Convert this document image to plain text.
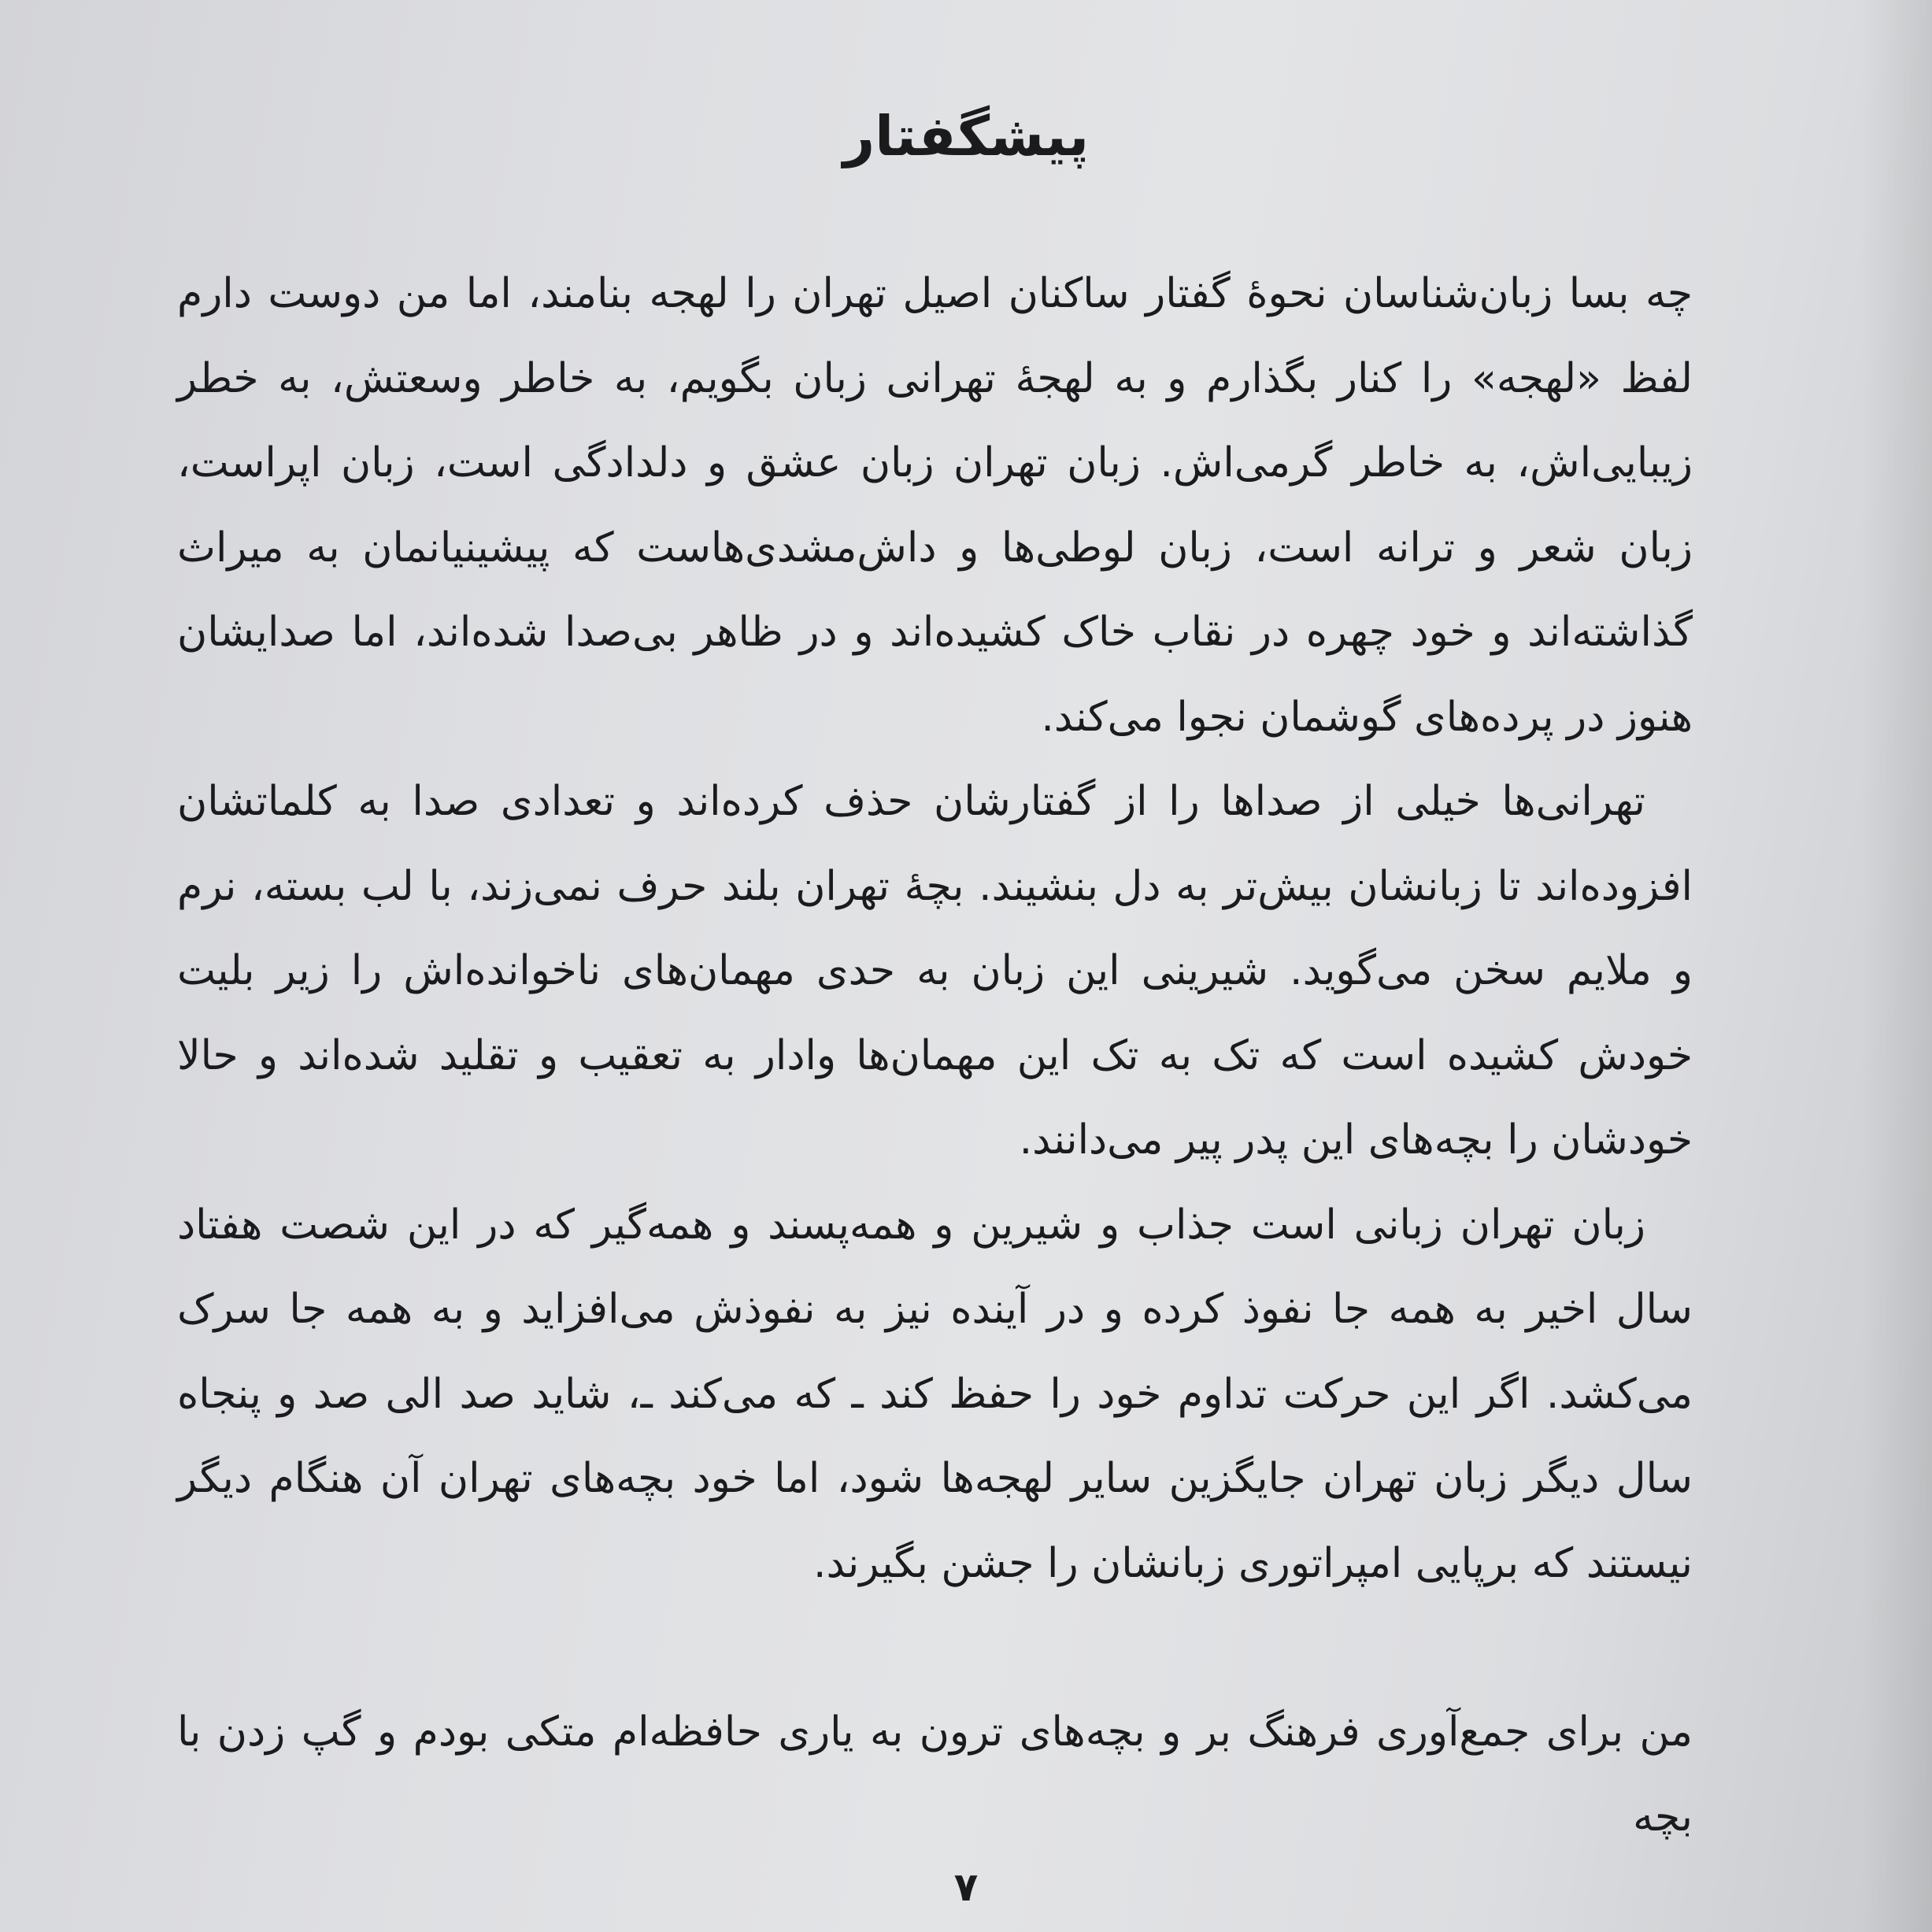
پیشگفتار

چه بسا زبان‌شناسان نحوهٔ گفتار ساکنان اصیل تهران را لهجه بنامند، اما من دوست دارم لفظ «لهجه» را کنار بگذارم و به لهجهٔ تهرانی زبان بگویم، به خاطر وسعتش، به خطر زیبایی‌اش، به خاطر گرمی‌اش. زبان تهران زبان عشق و دلدادگی است، زبان اپراست، زبان شعر و ترانه است، زبان لوطی‌ها و داش‌مشدی‌هاست که پیشینیانمان به میراث گذاشته‌اند و خود چهره در نقاب خاک کشیده‌اند و در ظاهر بی‌صدا شده‌اند، اما صدایشان هنوز در پرده‌های گوشمان نجوا می‌کند.

تهرانی‌ها خیلی از صداها را از گفتارشان حذف کرده‌اند و تعدادی صدا به کلماتشان افزوده‌اند تا زبانشان بیش‌تر به دل بنشیند. بچهٔ تهران بلند حرف نمی‌زند، با لب بسته، نرم و ملایم سخن می‌گوید. شیرینی این زبان به حدی مهمان‌های ناخوانده‌اش را زیر بلیت خودش کشیده است که تک به تک این مهمان‌ها وادار به تعقیب و تقلید شده‌اند و حالا خودشان را بچه‌های این پدر پیر می‌دانند.

زبان تهران زبانی است جذاب و شیرین و همه‌پسند و همه‌گیر که در این شصت هفتاد سال اخیر به همه جا نفوذ کرده و در آینده نیز به نفوذش می‌افزاید و به همه جا سرک می‌کشد. اگر این حرکت تداوم خود را حفظ کند ـ که می‌کند ـ، شاید صد الی صد و پنجاه سال دیگر زبان تهران جایگزین سایر لهجه‌ها شود، اما خود بچه‌های تهران آن هنگام دیگر نیستند که برپایی امپراتوری زبانشان را جشن بگیرند.

من برای جمع‌آوری فرهنگ بر و بچه‌های ترون به یاری حافظه‌ام متکی بودم و گپ زدن با بچه

۷
